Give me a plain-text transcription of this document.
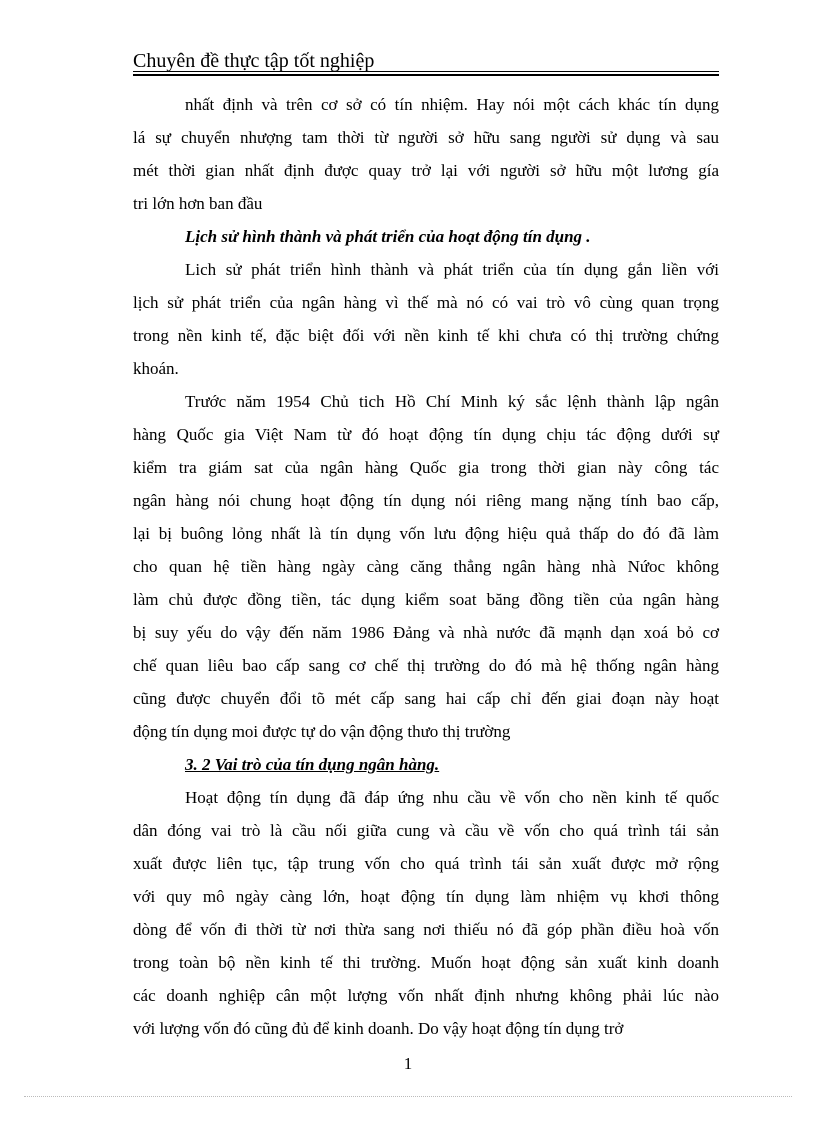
Chuyên đề thực tập tốt nghiệp
nhất định và trên cơ sở có tín nhiệm. Hay nói một cách khác tín dụng
lá sự chuyển nhượng tam thời từ người sở hữu sang người sử dụng và sau
mét thời gian nhất định được quay trở lại với người sở hữu một lương gía
tri lớn hơn ban đầu
Lịch sử hình thành và phát triển của hoạt động tín dụng .
Lich sử phát triển hình thành và phát triển của tín dụng gắn liền với
lịch sử phát triển của ngân hàng vì thế mà nó có vai trò vô cùng quan trọng
trong nền kinh tế, đặc biệt đối với nền kinh tế khi chưa có thị trường chứng
khoán.
Trước năm 1954 Chủ tich Hồ Chí Minh ký sắc lệnh thành lập ngân
hàng Quốc gia Việt Nam từ đó hoạt động tín dụng chịu tác động dưới sự
kiểm tra giám sat của ngân hàng Quốc gia trong thời gian này công tác
ngân hàng nói chung hoạt động tín dụng nói riêng mang nặng tính bao cấp,
lại bị buông lỏng nhất là tín dụng vốn lưu động hiệu quả thấp do đó đã làm
cho quan hệ tiền hàng ngày càng căng thẳng ngân hàng nhà Nứoc không
làm chủ được đồng tiền, tác dụng kiểm soat băng đồng tiền của ngân hàng
bị suy yếu do vậy đến năm 1986 Đảng và nhà nước đã mạnh dạn xoá bỏ cơ
chế quan liêu bao cấp sang cơ chế thị trường do đó mà hệ thống ngân hàng
cũng được chuyển đổi tõ mét cấp sang hai cấp chỉ đến giai đoạn này hoạt
động tín dụng moi được tự do vận động thưo thị trường
3. 2 Vai trò của tín dụng ngân hàng.
Hoạt động tín dụng đã đáp ứng nhu cầu về vốn cho nền kinh tế quốc
dân đóng vai trò là cầu nối giữa cung và cầu về vốn cho quá trình tái sản
xuất được liên tục, tập trung vốn cho quá trình tái sản xuất được mở rộng
với quy mô ngày càng lớn, hoạt động tín dụng làm nhiệm vụ khơi thông
dòng để vốn đi thời từ nơi thừa sang nơi thiếu nó đã góp phần điều hoà vốn
trong toàn bộ nền kinh tế thi trường. Muốn hoạt động sản xuất kinh doanh
các doanh nghiệp cân một lượng vốn nhất định nhưng không phải lúc nào
với lượng vốn đó cũng đủ để kinh doanh. Do vậy hoạt động tín dụng trở
1
